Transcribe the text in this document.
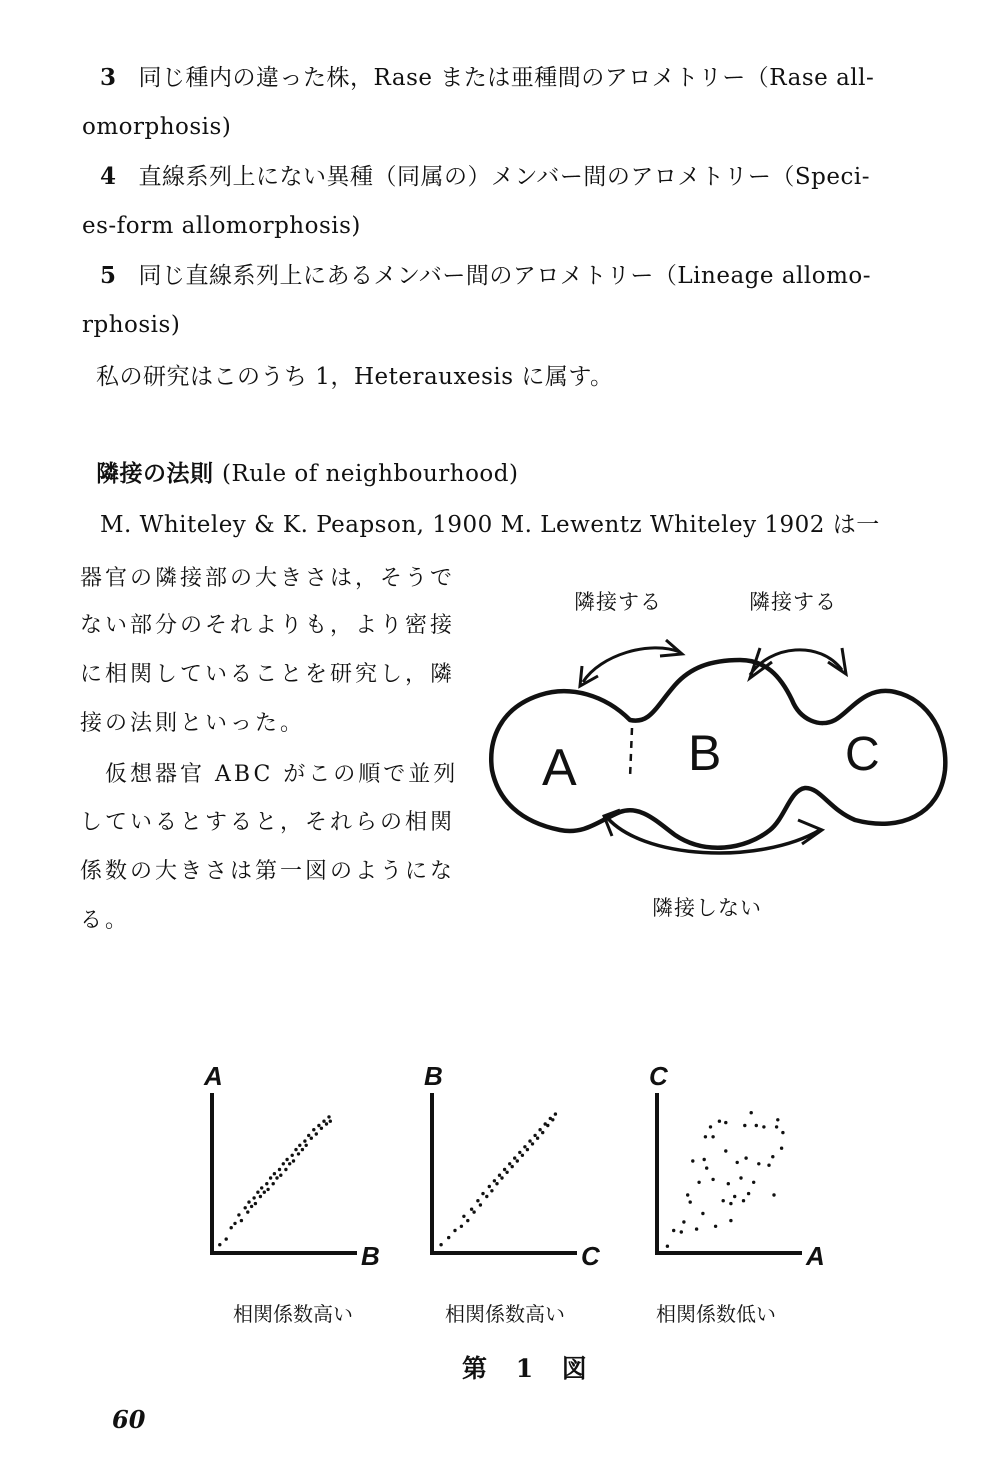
3 同じ種内の違った株，Rase または亜種間のアロメトリー（Rase all-
omorphosis)
4 直線系列上にない異種（同属の）メンバー間のアロメトリー（Speci-
es-form allomorphosis)
5 同じ直線系列上にあるメンバー間のアロメトリー（Lineage allomo-
rphosis)
私の研究はこのうち 1，Heterauxesis に属す。
隣接の法則 (Rule of neighbourhood)
M. Whiteley & K. Peapson, 1900 M. Lewentz Whiteley 1902 は一
器官の隣接部の大きさは，そうで
ない部分のそれよりも，より密接
に相関していることを研究し，隣
接の法則といった。
　仮想器官 ABC がこの順で並列
しているとすると，それらの相関
係数の大きさは第一図のようにな
る。
隣接する	隣接する
A B	C
隣接しない
A
B
B
C
C
A
相関係数高い	相関係数高い	相関係数低い
第 1 図
60
